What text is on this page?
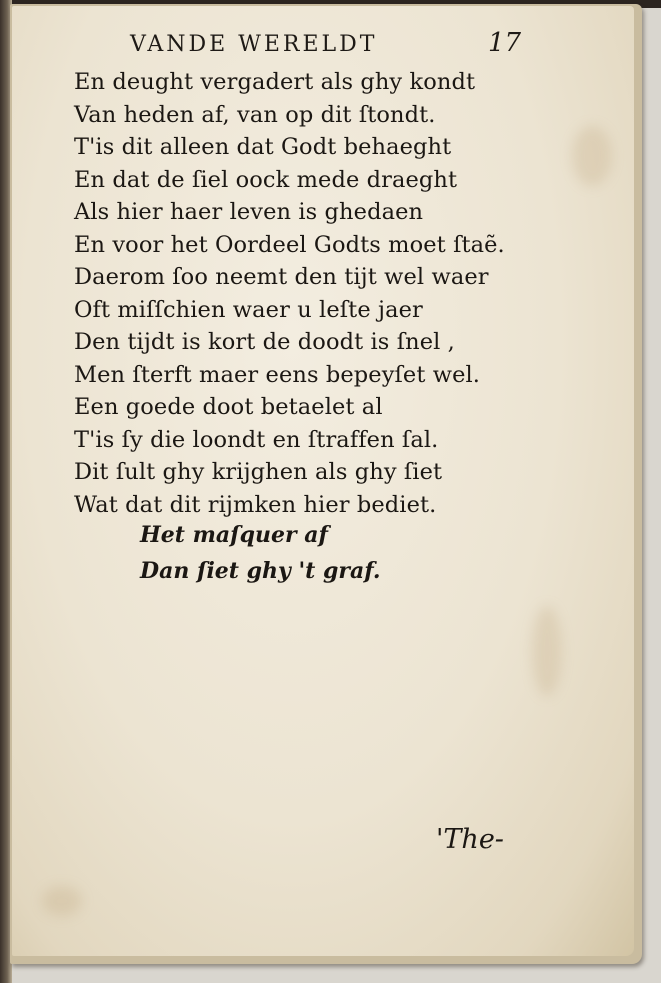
VANDE WERELDT	17
En deught vergadert als ghy kondt
Van heden af, van op dit ſtondt.
T'is dit alleen dat Godt behaeght
En dat de ſiel oock mede draeght
Als hier haer leven is ghedaen
En voor het Oordeel Godts moet ſtaẽ.
Daerom ſoo neemt den tijt wel waer
Oft miſſchien waer u leſte jaer
Den tijdt is kort de doodt is ſnel ,
Men ſterft maer eens bepeyſet wel.
Een goede doot betaelet al
T'is ſy die loondt en ſtraffen ſal.
Dit ſult ghy krijghen als ghy ſiet
Wat dat dit rijmken hier bediet.
Het maſquer af
Dan ſiet ghy 't graf.
'The-
